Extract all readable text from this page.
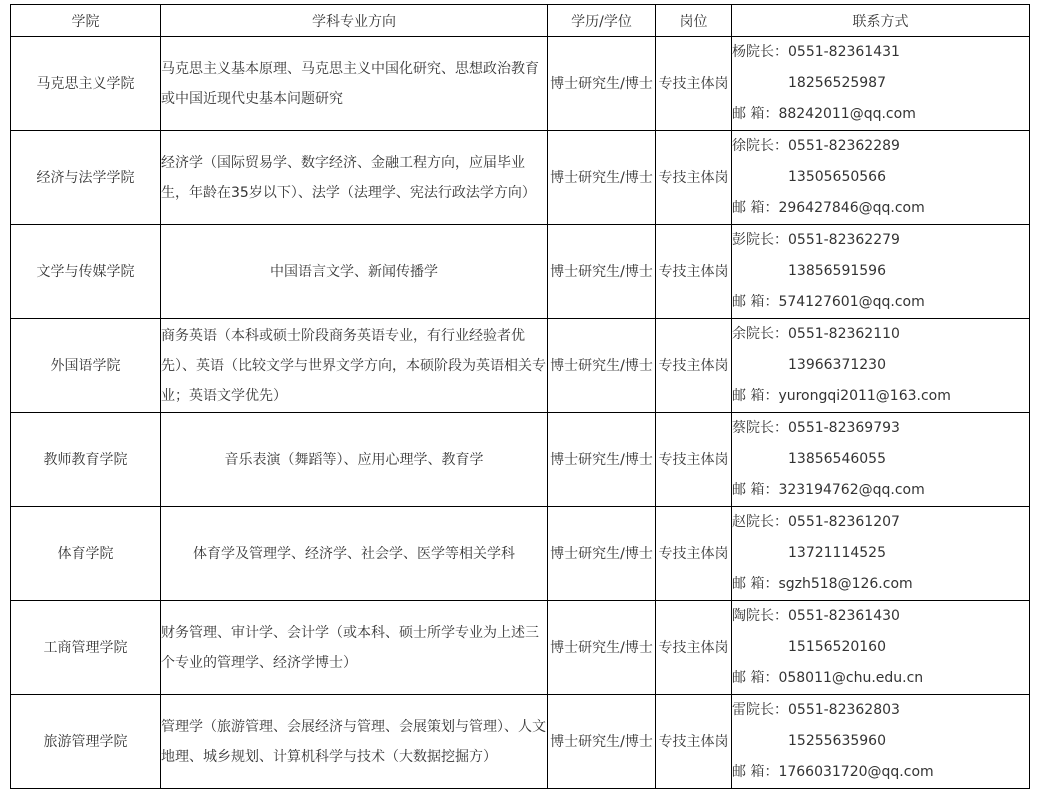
学院	学科专业方向	学历/学位	岗位	联系方式
马克思主义学院	马克思主义基本原理、马克思主义中国化研究、思想政治教育或中国近现代史基本问题研究	博士研究生/博士	专技主体岗	杨院长：0551-82361431
18256525987
邮 箱：88242011@qq.com

经济与法学学院	经济学（国际贸易学、数字经济、金融工程方向，应届毕业生，年龄在35岁以下）、法学（法理学、宪法行政法学方向）	博士研究生/博士	专技主体岗	徐院长：0551-82362289
13505650566
邮 箱：296427846@qq.com

文学与传媒学院	中国语言文学、新闻传播学	博士研究生/博士	专技主体岗	彭院长：0551-82362279
13856591596
邮 箱：574127601@qq.com

外国语学院	商务英语（本科或硕士阶段商务英语专业，有行业经验者优先）、英语（比较文学与世界文学方向，本硕阶段为英语相关专业；英语文学优先）	博士研究生/博士	专技主体岗	余院长：0551-82362110
13966371230
邮 箱：yurongqi2011@163.com

教师教育学院	音乐表演（舞蹈等）、应用心理学、教育学	博士研究生/博士	专技主体岗	蔡院长：0551-82369793
13856546055
邮 箱：323194762@qq.com

体育学院	体育学及管理学、经济学、社会学、医学等相关学科	博士研究生/博士	专技主体岗	赵院长：0551-82361207
13721114525
邮 箱：sgzh518@126.com

工商管理学院	财务管理、审计学、会计学（或本科、硕士所学专业为上述三个专业的管理学、经济学博士）	博士研究生/博士	专技主体岗	陶院长：0551-82361430
15156520160
邮 箱：058011@chu.edu.cn

旅游管理学院	管理学（旅游管理、会展经济与管理、会展策划与管理）、人文地理、城乡规划、计算机科学与技术（大数据挖掘方）	博士研究生/博士	专技主体岗	雷院长：0551-82362803
15255635960
邮 箱：1766031720@qq.com
